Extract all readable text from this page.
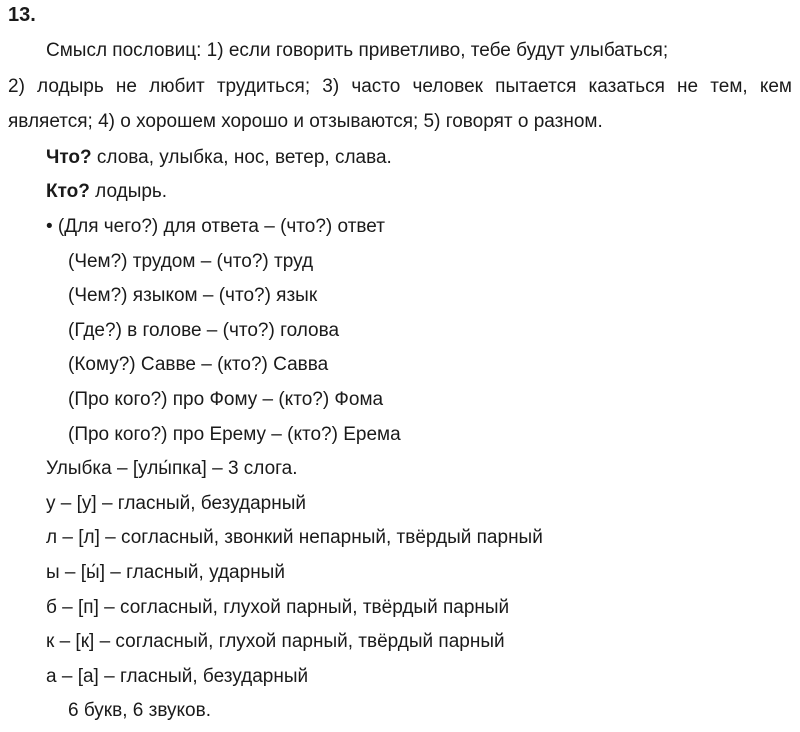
13.
Смысл пословиц: 1) если говорить приветливо, тебе будут улыбаться;
2) лодырь не любит трудиться; 3) часто человек пытается казаться не тем, кем
является; 4) о хорошем хорошо и отзываются; 5) говорят о разном.
Что? слова, улыбка, нос, ветер, слава.
Кто? лодырь.
• (Для чего?) для ответа – (что?) ответ
(Чем?) трудом – (что?) труд
(Чем?) языком – (что?) язык
(Где?) в голове – (что?) голова
(Кому?) Савве – (кто?) Савва
(Про кого?) про Фому – (кто?) Фома
(Про кого?) про Ерему – (кто?) Ерема
Улыбка – [улы́пка] – 3 слога.
у – [у] – гласный, безударный
л – [л] – согласный, звонкий непарный, твёрдый парный
ы – [ы́] – гласный, ударный
б – [п] – согласный, глухой парный, твёрдый парный
к – [к] – согласный, глухой парный, твёрдый парный
а – [а] – гласный, безударный
6 букв, 6 звуков.
